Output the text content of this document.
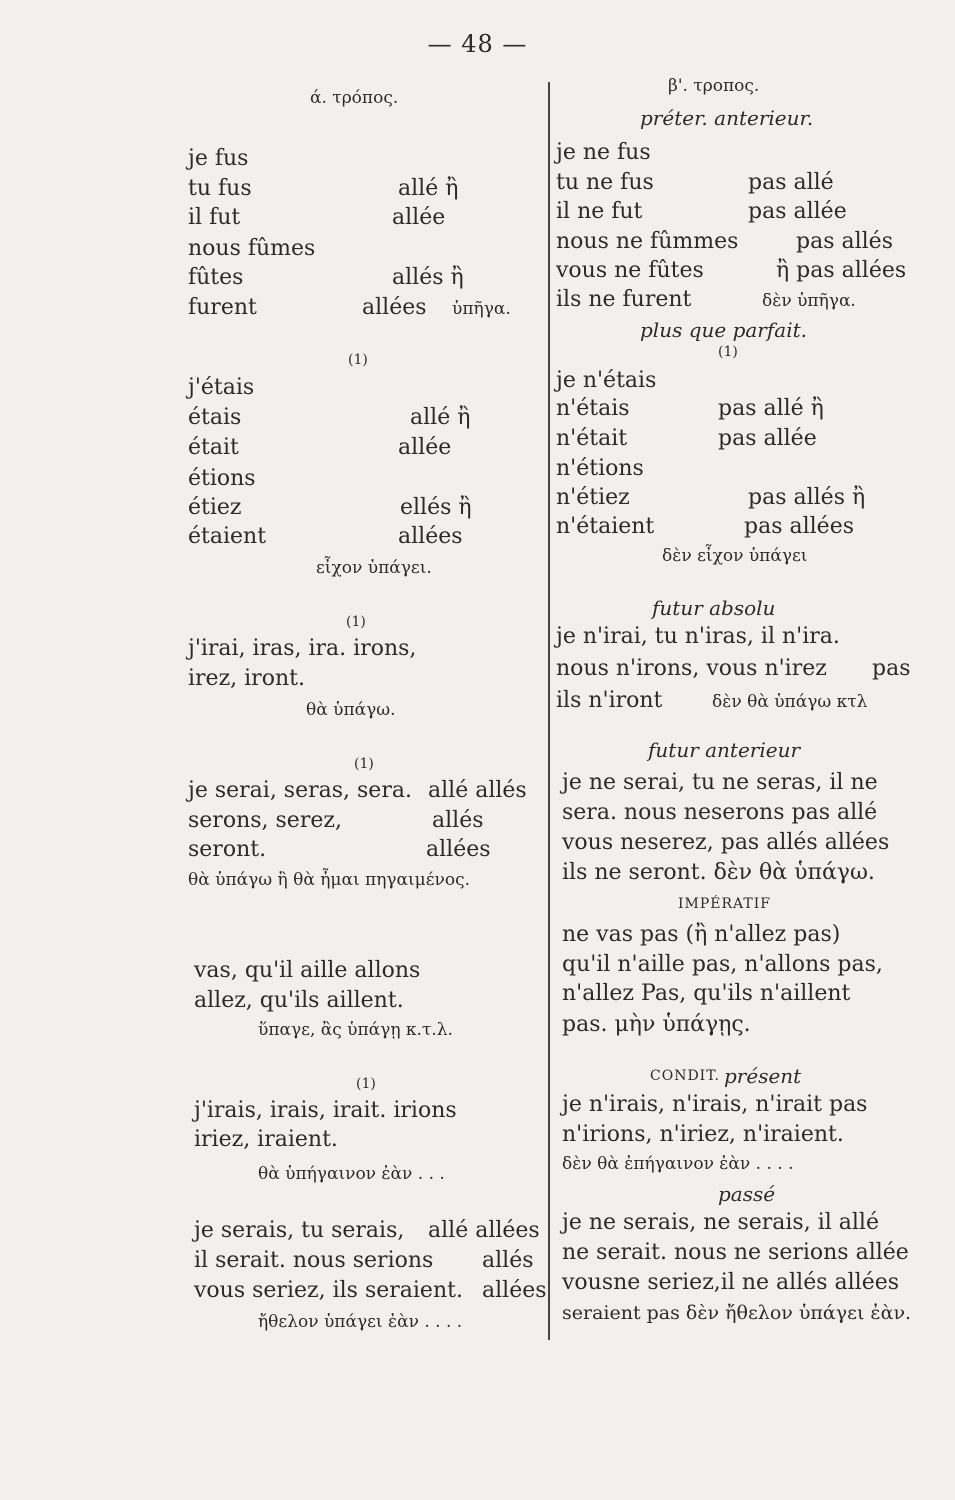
— 48 —
ά. τρόπος.
je fus
tu fus	allé ἢ
il fut	allée
nous fûmes
fûtes	allés ἢ
furent	allées ὑπῆγα.
(1)
j'étais
étais	allé ἢ
était	allée
étions
étiez	ellés ἢ
étaient	allées
εἶχον ὑπάγει.
(1)
j'irai, iras, ira. irons,
irez, iront.
θὰ ὑπάγω.
(1)
je serai, seras, sera. allé allés
serons, serez,	allés
seront.	allées
θὰ ὑπάγω ἢ θὰ ἦμαι πηγαιμένος.
vas, qu'il aille allons
allez, qu'ils aillent.
ὕπαγε, ἂς ὑπάγῃ κ.τ.λ.
(1)
j'irais, irais, irait. irions
iriez, iraient.
θὰ ὑπήγαινον ἐὰν . . .
je serais, tu serais, allé allées
il serait. nous serions allés
vous seriez, ils seraient. allées
ἤθελον ὑπάγει ἐὰν . . . .
β'. τροπος.
préter. anterieur.
je ne fus
tu ne fus	pas allé
il ne fut	pas allée
nous ne fûmmes	pas allés
vous ne fûtes	ἢ pas allées
ils ne furent	δὲν ὑπῆγα.
plus que parfait.
(1)
je n'étais
n'étais	pas allé ἢ
n'était	pas allée
n'étions
n'étiez	pas allés ἢ
n'étaient	pas allées
δὲν εἶχον ὑπάγει
futur absolu
je n'irai, tu n'iras, il n'ira.
nous n'irons, vous n'irez pas
ils n'iront	δὲν θὰ ὑπάγω κτλ
futur anterieur
je ne serai, tu ne seras, il ne
sera. nous neserons pas allé
vous neserez, pas allés allées
ils ne seront. δὲν θὰ ὑπάγω.
IMPÉRATIF
ne vas pas (ἢ n'allez pas)
qu'il n'aille pas, n'allons pas,
n'allez Pas, qu'ils n'aillent
pas. μὴν ὑπάγῃς.
CONDIT. présent
je n'irais, n'irais, n'irait pas
n'irions, n'iriez, n'iraient.
δὲν θὰ ἐπήγαινον ἐὰν . . . .
passé
je ne serais, ne serais, il allé
ne serait. nous ne serions allée
vousne seriez,il ne allés allées
seraient pas δὲν ἤθελον ὑπάγει ἐὰν.
